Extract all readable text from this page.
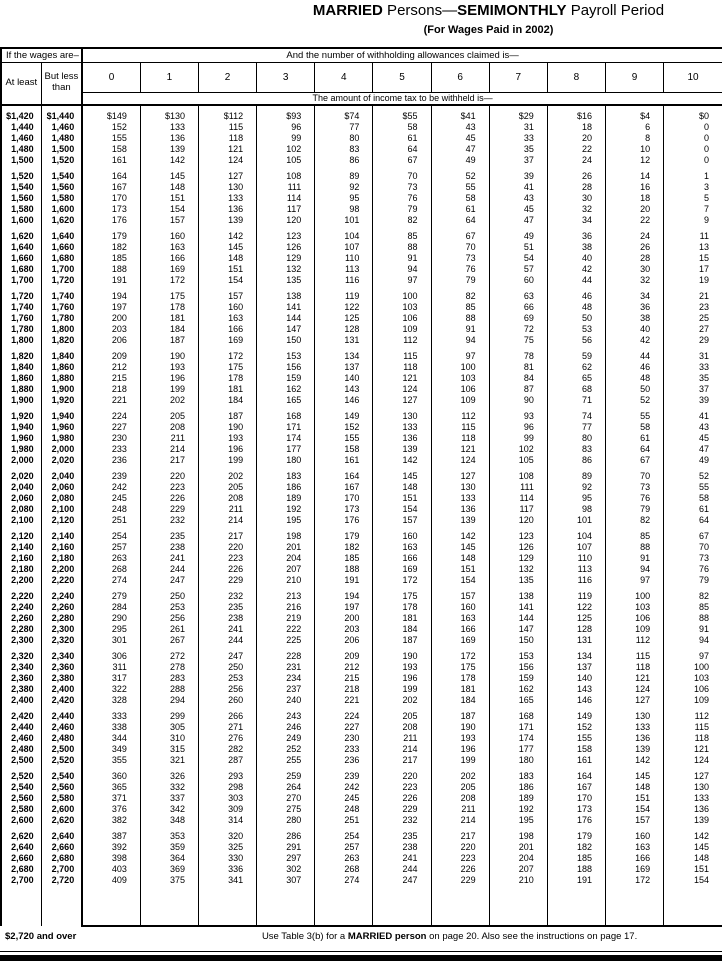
MARRIED Persons—SEMIMONTHLY Payroll Period
(For Wages Paid in 2002)
If the wages are–		And the number of withholding allowances claimed is—										
At least	But less than	0	1	2	3	4	5	6	7	8	9	10
		The amount of income tax to be withheld is—										
$1,420	$1,440	$149	$130	$112	$93	$74	$55	$41	$29	$16	$4	$0
1,440	1,460	152	133	115	96	77	58	43	31	18	6	0
1,460	1,480	155	136	118	99	80	61	45	33	20	8	0
1,480	1,500	158	139	121	102	83	64	47	35	22	10	0
1,500	1,520	161	142	124	105	86	67	49	37	24	12	0
1,520	1,540	164	145	127	108	89	70	52	39	26	14	1
1,540	1,560	167	148	130	111	92	73	55	41	28	16	3
1,560	1,580	170	151	133	114	95	76	58	43	30	18	5
1,580	1,600	173	154	136	117	98	79	61	45	32	20	7
1,600	1,620	176	157	139	120	101	82	64	47	34	22	9
1,620	1,640	179	160	142	123	104	85	67	49	36	24	11
1,640	1,660	182	163	145	126	107	88	70	51	38	26	13
1,660	1,680	185	166	148	129	110	91	73	54	40	28	15
1,680	1,700	188	169	151	132	113	94	76	57	42	30	17
1,700	1,720	191	172	154	135	116	97	79	60	44	32	19
1,720	1,740	194	175	157	138	119	100	82	63	46	34	21
1,740	1,760	197	178	160	141	122	103	85	66	48	36	23
1,760	1,780	200	181	163	144	125	106	88	69	50	38	25
1,780	1,800	203	184	166	147	128	109	91	72	53	40	27
1,800	1,820	206	187	169	150	131	112	94	75	56	42	29
1,820	1,840	209	190	172	153	134	115	97	78	59	44	31
1,840	1,860	212	193	175	156	137	118	100	81	62	46	33
1,860	1,880	215	196	178	159	140	121	103	84	65	48	35
1,880	1,900	218	199	181	162	143	124	106	87	68	50	37
1,900	1,920	221	202	184	165	146	127	109	90	71	52	39
1,920	1,940	224	205	187	168	149	130	112	93	74	55	41
1,940	1,960	227	208	190	171	152	133	115	96	77	58	43
1,960	1,980	230	211	193	174	155	136	118	99	80	61	45
1,980	2,000	233	214	196	177	158	139	121	102	83	64	47
2,000	2,020	236	217	199	180	161	142	124	105	86	67	49
2,020	2,040	239	220	202	183	164	145	127	108	89	70	52
2,040	2,060	242	223	205	186	167	148	130	111	92	73	55
2,060	2,080	245	226	208	189	170	151	133	114	95	76	58
2,080	2,100	248	229	211	192	173	154	136	117	98	79	61
2,100	2,120	251	232	214	195	176	157	139	120	101	82	64
2,120	2,140	254	235	217	198	179	160	142	123	104	85	67
2,140	2,160	257	238	220	201	182	163	145	126	107	88	70
2,160	2,180	263	241	223	204	185	166	148	129	110	91	73
2,180	2,200	268	244	226	207	188	169	151	132	113	94	76
2,200	2,220	274	247	229	210	191	172	154	135	116	97	79
2,220	2,240	279	250	232	213	194	175	157	138	119	100	82
2,240	2,260	284	253	235	216	197	178	160	141	122	103	85
2,260	2,280	290	256	238	219	200	181	163	144	125	106	88
2,280	2,300	295	261	241	222	203	184	166	147	128	109	91
2,300	2,320	301	267	244	225	206	187	169	150	131	112	94
2,320	2,340	306	272	247	228	209	190	172	153	134	115	97
2,340	2,360	311	278	250	231	212	193	175	156	137	118	100
2,360	2,380	317	283	253	234	215	196	178	159	140	121	103
2,380	2,400	322	288	256	237	218	199	181	162	143	124	106
2,400	2,420	328	294	260	240	221	202	184	165	146	127	109
2,420	2,440	333	299	266	243	224	205	187	168	149	130	112
2,440	2,460	338	305	271	246	227	208	190	171	152	133	115
2,460	2,480	344	310	276	249	230	211	193	174	155	136	118
2,480	2,500	349	315	282	252	233	214	196	177	158	139	121
2,500	2,520	355	321	287	255	236	217	199	180	161	142	124
2,520	2,540	360	326	293	259	239	220	202	183	164	145	127
2,540	2,560	365	332	298	264	242	223	205	186	167	148	130
2,560	2,580	371	337	303	270	245	226	208	189	170	151	133
2,580	2,600	376	342	309	275	248	229	211	192	173	154	136
2,600	2,620	382	348	314	280	251	232	214	195	176	157	139
2,620	2,640	387	353	320	286	254	235	217	198	179	160	142
2,640	2,660	392	359	325	291	257	238	220	201	182	163	145
2,660	2,680	398	364	330	297	263	241	223	204	185	166	148
2,680	2,700	403	369	336	302	268	244	226	207	188	169	151
2,700	2,720	409	375	341	307	274	247	229	210	191	172	154

$2,720 and over		Use Table 3(b) for a MARRIED person on page 20. Also see the instructions on page 17.										
